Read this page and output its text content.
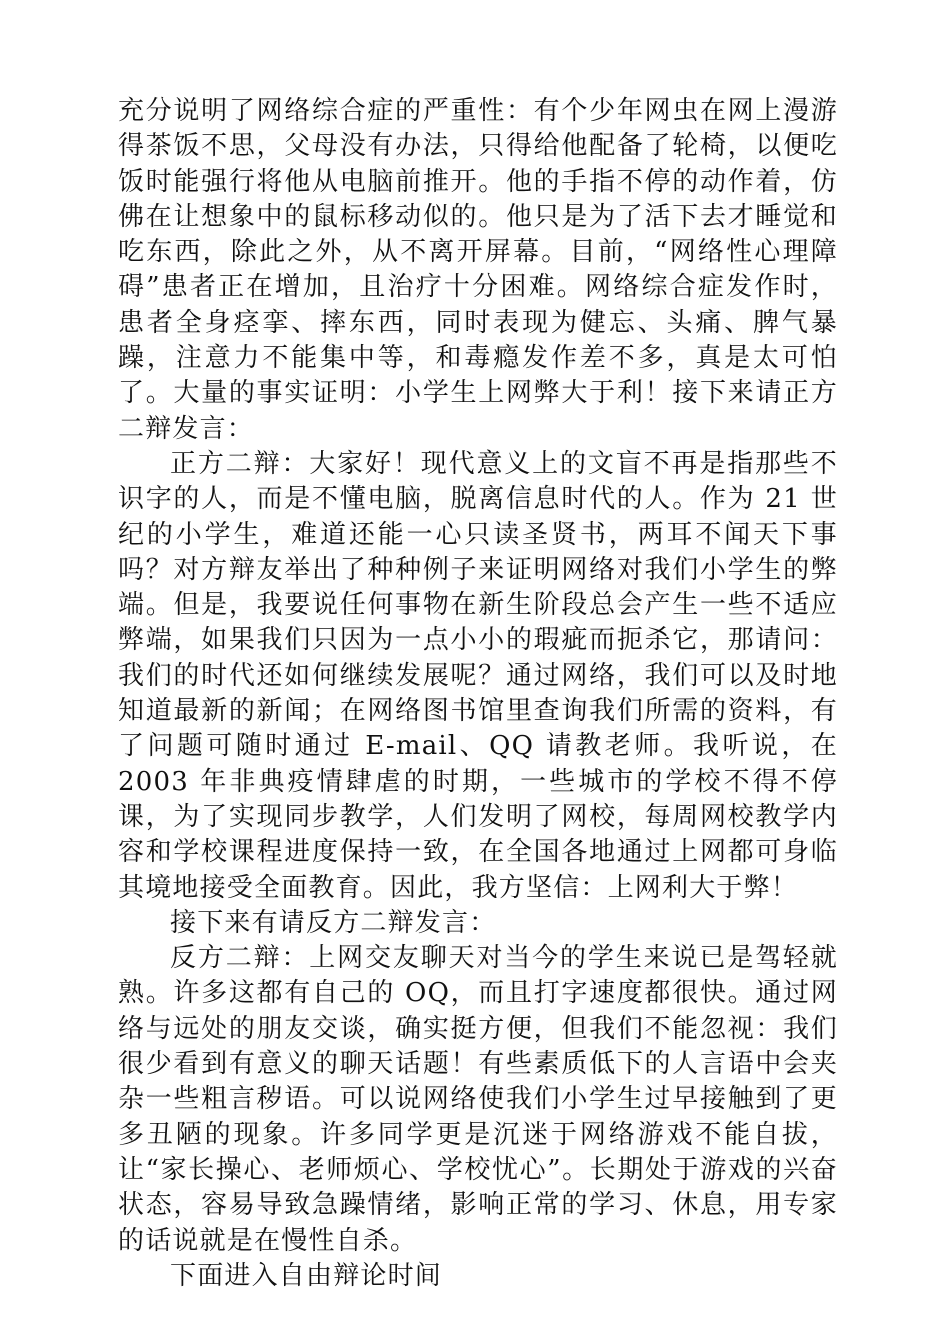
充分说明了网络综合症的严重性：有个少年网虫在网上漫游得茶饭不思，父母没有办法，只得给他配备了轮椅，以便吃饭时能强行将他从电脑前推开。他的手指不停的动作着，仿佛在让想象中的鼠标移动似的。他只是为了活下去才睡觉和吃东西，除此之外，从不离开屏幕。目前，“网络性心理障碍”患者正在增加，且治疗十分困难。网络综合症发作时，患者全身痉挛、摔东西，同时表现为健忘、头痛、脾气暴躁，注意力不能集中等，和毒瘾发作差不多，真是太可怕了。大量的事实证明：小学生上网弊大于利！接下来请正方二辩发言：

正方二辩：大家好！现代意义上的文盲不再是指那些不识字的人，而是不懂电脑，脱离信息时代的人。作为 21 世纪的小学生，难道还能一心只读圣贤书，两耳不闻天下事吗？对方辩友举出了种种例子来证明网络对我们小学生的弊端。但是，我要说任何事物在新生阶段总会产生一些不适应弊端，如果我们只因为一点小小的瑕疵而扼杀它，那请问：我们的时代还如何继续发展呢？通过网络，我们可以及时地知道最新的新闻；在网络图书馆里查询我们所需的资料，有了问题可随时通过 E-mail、QQ 请教老师。我听说，在 2003 年非典疫情肆虐的时期，一些城市的学校不得不停课，为了实现同步教学，人们发明了网校，每周网校教学内容和学校课程进度保持一致，在全国各地通过上网都可身临其境地接受全面教育。因此，我方坚信：上网利大于弊！

接下来有请反方二辩发言：

反方二辩：上网交友聊天对当今的学生来说已是驾轻就熟。许多这都有自己的 OQ，而且打字速度都很快。通过网络与远处的朋友交谈，确实挺方便，但我们不能忽视：我们很少看到有意义的聊天话题！有些素质低下的人言语中会夹杂一些粗言秽语。可以说网络使我们小学生过早接触到了更多丑陋的现象。许多同学更是沉迷于网络游戏不能自拔，让“家长操心、老师烦心、学校忧心”。长期处于游戏的兴奋状态，容易导致急躁情绪，影响正常的学习、休息，用专家的话说就是在慢性自杀。

下面进入自由辩论时间
